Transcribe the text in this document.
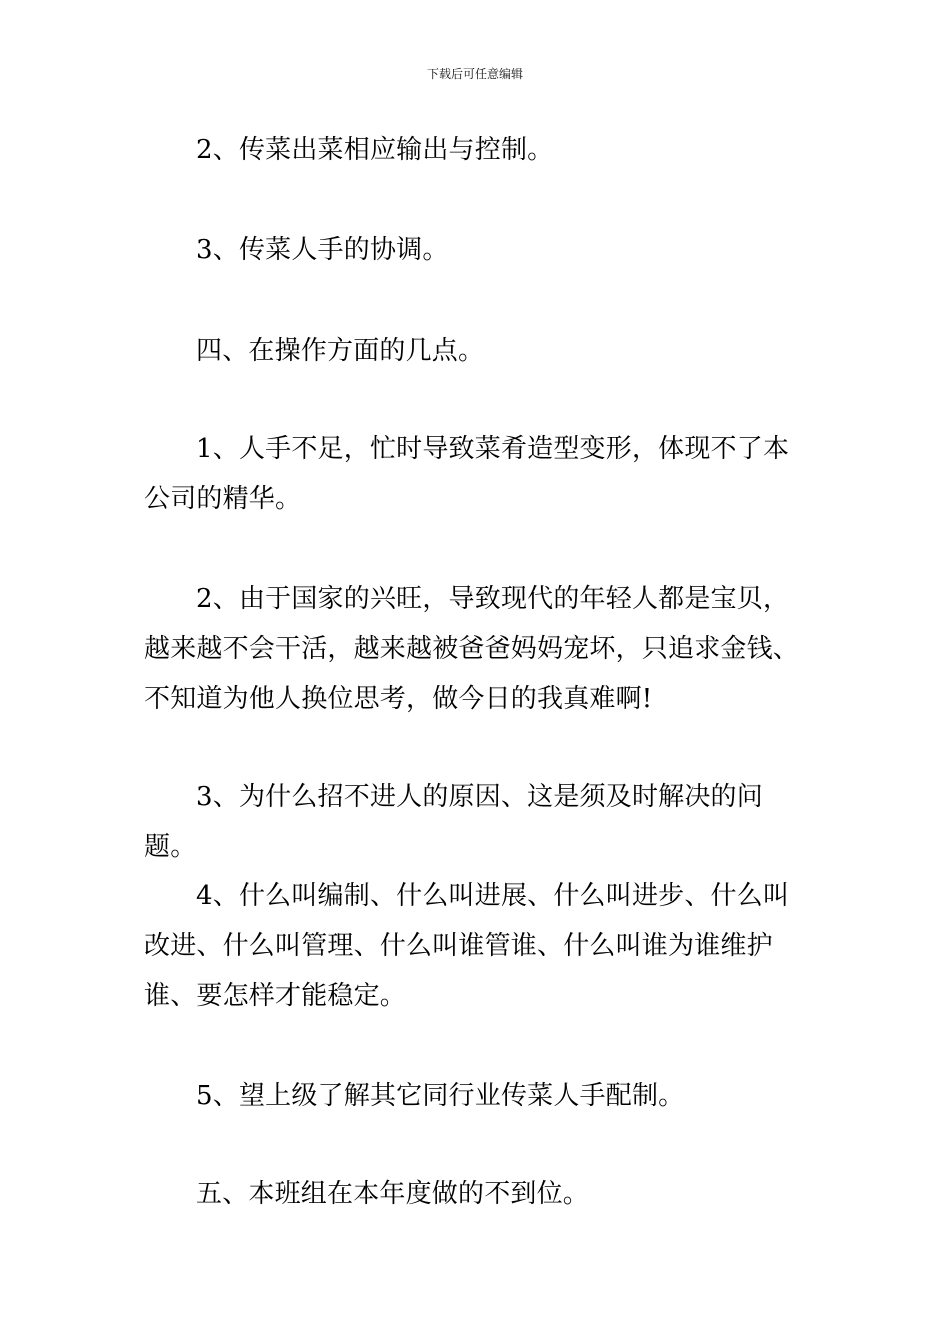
下载后可任意编辑

2、传菜出菜相应输出与控制。

3、传菜人手的协调。

四、在操作方面的几点。

1、人手不足，忙时导致菜肴造型变形，体现不了本公司的精华。

2、由于国家的兴旺，导致现代的年轻人都是宝贝，越来越不会干活，越来越被爸爸妈妈宠坏，只追求金钱、不知道为他人换位思考，做今日的我真难啊!

3、为什么招不进人的原因、这是须及时解决的问题。

4、什么叫编制、什么叫进展、什么叫进步、什么叫改进、什么叫管理、什么叫谁管谁、什么叫谁为谁维护谁、要怎样才能稳定。

5、望上级了解其它同行业传菜人手配制。

五、本班组在本年度做的不到位。
